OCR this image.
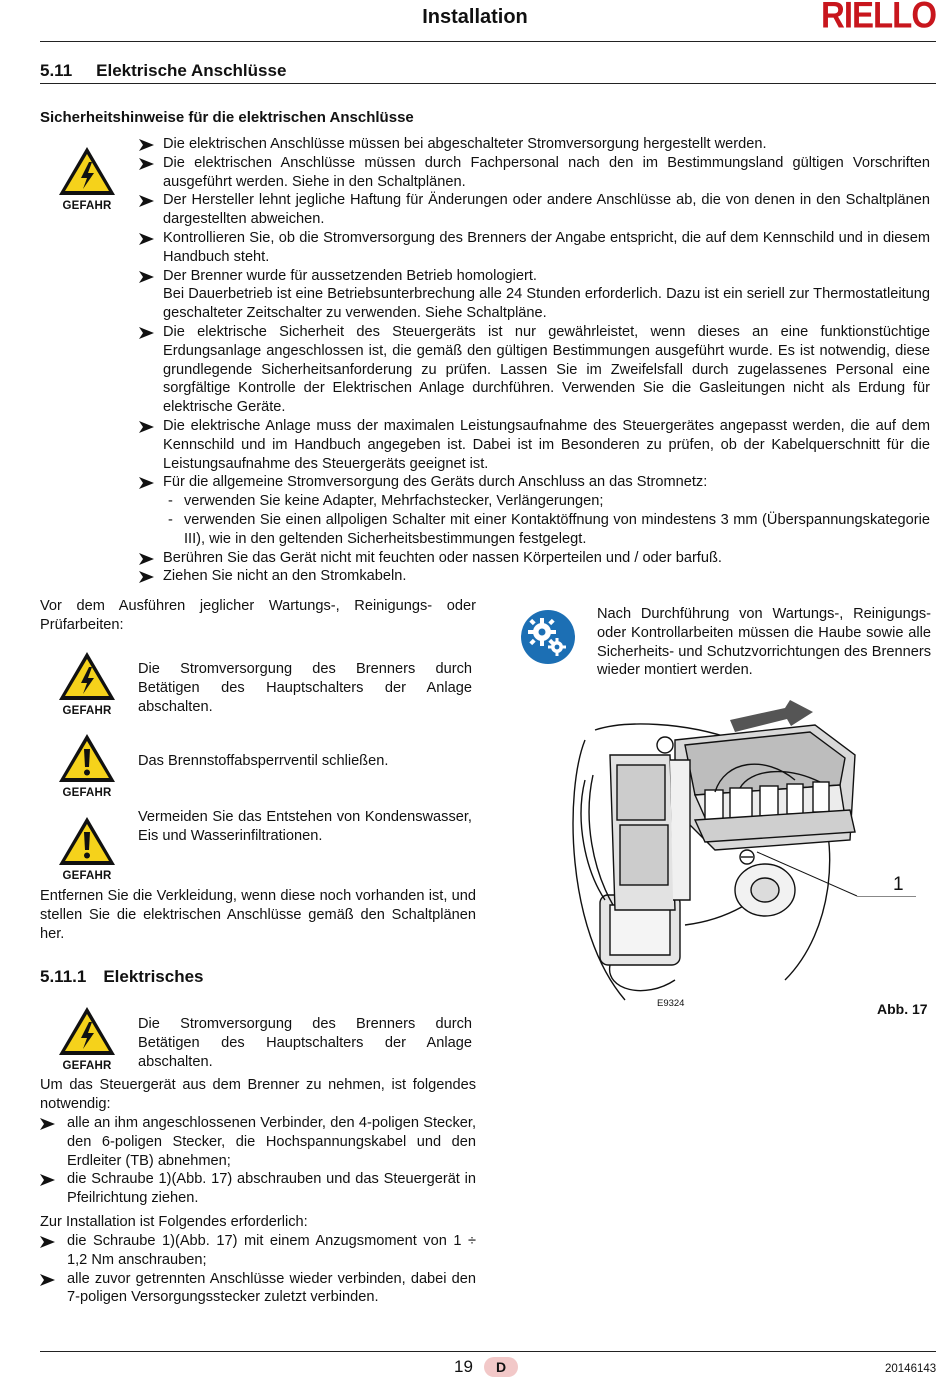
Installation	RIELLO
5.11 Elektrische Anschlüsse
Sicherheitshinweise für die elektrischen Anschlüsse
GEFAHR

Die elektrischen Anschlüsse müssen bei abgeschalteter Stromversorgung hergestellt werden.

Die elektrischen Anschlüsse müssen durch Fachpersonal nach den im Bestimmungsland gültigen Vorschriften ausgeführt werden. Siehe in den Schaltplänen.

Der Hersteller lehnt jegliche Haftung für Änderungen oder andere Anschlüsse ab, die von denen in den Schaltplänen dargestellten abweichen.

Kontrollieren Sie, ob die Stromversorgung des Brenners der Angabe entspricht, die auf dem Kennschild und in diesem Handbuch steht.

Der Brenner wurde für aussetzenden Betrieb homologiert.

Bei Dauerbetrieb ist eine Betriebsunterbrechung alle 24 Stunden erforderlich. Dazu ist ein seriell zur Thermostatleitung geschalteter Zeitschalter zu verwenden. Siehe Schaltpläne.

Die elektrische Sicherheit des Steuergeräts ist nur gewährleistet, wenn dieses an eine funktionstüchtige Erdungsanlage angeschlossen ist, die gemäß den gültigen Bestimmungen ausgeführt wurde. Es ist notwendig, diese grundlegende Sicherheitsanforderung zu prüfen. Lassen Sie im Zweifelsfall durch zugelassenes Personal eine sorgfältige Kontrolle der Elektrischen Anlage durchführen. Verwenden Sie die Gasleitungen nicht als Erdung für elektrische Geräte.

Die elektrische Anlage muss der maximalen Leistungsaufnahme des Steuergerätes angepasst werden, die auf dem Kennschild und im Handbuch angegeben ist. Dabei ist im Besonderen zu prüfen, ob der Kabelquerschnitt für die Leistungsaufnahme des Steuergeräts geeignet ist.

Für die allgemeine Stromversorgung des Geräts durch Anschluss an das Stromnetz:

- verwenden Sie keine Adapter, Mehrfachstecker, Verlängerungen;

- verwenden Sie einen allpoligen Schalter mit einer Kontaktöffnung von mindestens 3 mm (Überspannungskategorie III), wie in den geltenden Sicherheitsbestimmungen festgelegt.

Berühren Sie das Gerät nicht mit feuchten oder nassen Körperteilen und / oder barfuß.

Ziehen Sie nicht an den Stromkabeln.

Vor dem Ausführen jeglicher Wartungs-, Reinigungs- oder Prüfarbeiten:

GEFAHR

Die Stromversorgung des Brenners durch Betätigen des Hauptschalters der Anlage abschalten.

GEFAHR

Das Brennstoffabsperrventil schließen.

GEFAHR

Vermeiden Sie das Entstehen von Kondenswasser, Eis und Wasserinfiltrationen.

Entfernen Sie die Verkleidung, wenn diese noch vorhanden ist, und stellen Sie die elektrischen Anschlüsse gemäß den Schaltplänen her.

5.11.1 Elektrisches
GEFAHR

Die Stromversorgung des Brenners durch Betätigen des Hauptschalters der Anlage abschalten.

Um das Steuergerät aus dem Brenner zu nehmen, ist folgendes notwendig:

alle an ihm angeschlossenen Verbinder, den 4-poligen Stecker, den 6-poligen Stecker, die Hochspannungskabel und den Erdleiter (TB) abnehmen;

die Schraube 1)(Abb. 17) abschrauben und das Steuergerät in Pfeilrichtung ziehen.

Zur Installation ist Folgendes erforderlich:

die Schraube 1)(Abb. 17) mit einem Anzugsmoment von 1 ÷ 1,2 Nm anschrauben;

alle zuvor getrennten Anschlüsse wieder verbinden, dabei den 7-poligen Versorgungsstecker zuletzt verbinden.

Nach Durchführung von Wartungs-, Reinigungs- oder Kontrollarbeiten müssen die Haube sowie alle Sicherheits- und Schutzvorrichtungen des Brenners wieder montiert werden.

1
E9324	Abb. 17
19	D	20146143
